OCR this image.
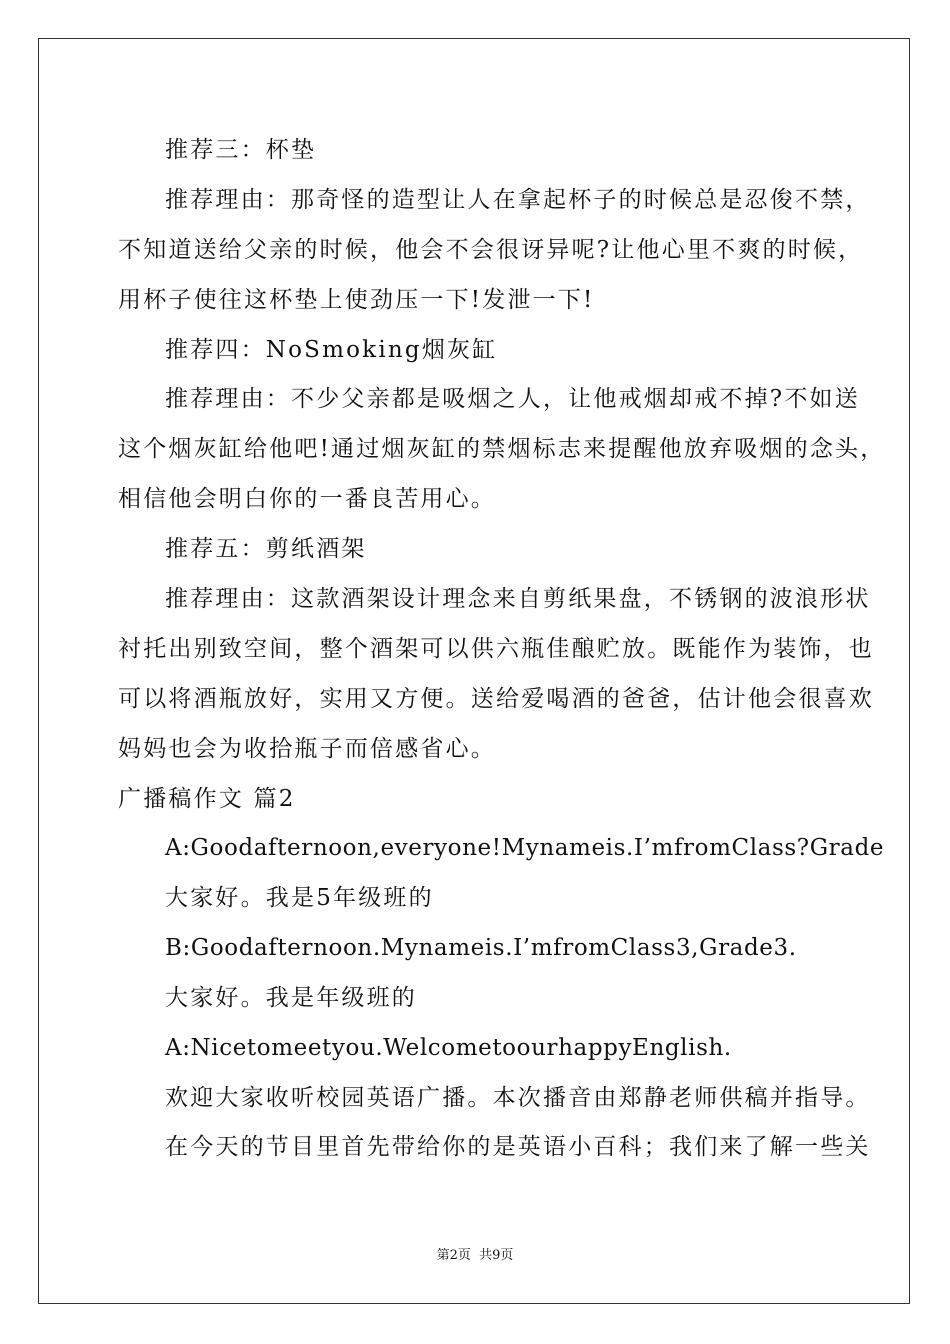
推荐三：杯垫
推荐理由：那奇怪的造型让人在拿起杯子的时候总是忍俊不禁，
不知道送给父亲的时候，他会不会很讶异呢?让他心里不爽的时候，
用杯子使往这杯垫上使劲压一下!发泄一下!
推荐四：NoSmoking烟灰缸
推荐理由：不少父亲都是吸烟之人，让他戒烟却戒不掉?不如送
这个烟灰缸给他吧!通过烟灰缸的禁烟标志来提醒他放弃吸烟的念头，
相信他会明白你的一番良苦用心。
推荐五：剪纸酒架
推荐理由：这款酒架设计理念来自剪纸果盘，不锈钢的波浪形状
衬托出别致空间，整个酒架可以供六瓶佳酿贮放。既能作为装饰，也
可以将酒瓶放好，实用又方便。送给爱喝酒的爸爸，估计他会很喜欢
妈妈也会为收拾瓶子而倍感省心。
广播稿作文 篇2
A:Goodafternoon,everyone!Mynameis.I’mfromClass?Grade
大家好。我是5年级班的
B:Goodafternoon.Mynameis.I’mfromClass3,Grade3.
大家好。我是年级班的
A:Nicetomeetyou.WelcometoourhappyEnglish.
欢迎大家收听校园英语广播。本次播音由郑静老师供稿并指导。
在今天的节目里首先带给你的是英语小百科；我们来了解一些关
第2页  共9页
